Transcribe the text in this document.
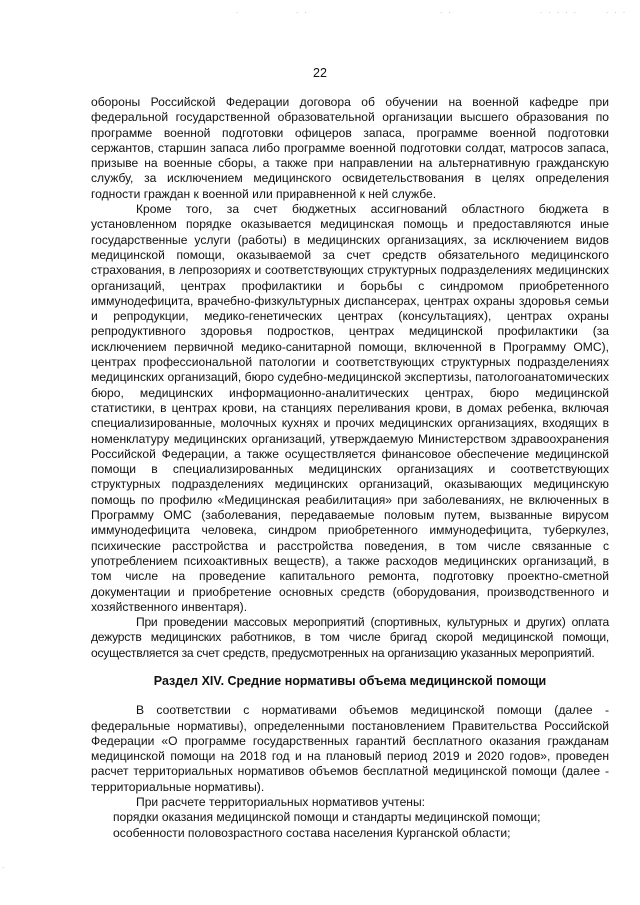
.	. .	. .	. . . . .	. . .
.
22

обороны Российской Федерации договора об обучении на военной кафедре при федеральной государственной образовательной организации высшего образования по программе военной подготовки офицеров запаса, программе военной подготовки сержантов, старшин запаса либо программе военной подготовки солдат, матросов запаса, призыве на военные сборы, а также при направлении на альтернативную гражданскую службу, за исключением медицинского освидетельствования в целях определения годности граждан к военной или приравненной к ней службе.

Кроме того, за счет бюджетных ассигнований областного бюджета в установленном порядке оказывается медицинская помощь и предоставляются иные государственные услуги (работы) в медицинских организациях, за исключением видов медицинской помощи, оказываемой за счет средств обязательного медицинского страхования, в лепрозориях и соответствующих структурных подразделениях медицинских организаций, центрах профилактики и борьбы с синдромом приобретенного иммунодефицита, врачебно-физкультурных диспансерах, центрах охраны здоровья семьи и репродукции, медико-генетических центрах (консультациях), центрах охраны репродуктивного здоровья подростков, центрах медицинской профилактики (за исключением первичной медико-санитарной помощи, включенной в Программу ОМС), центрах профессиональной патологии и соответствующих структурных подразделениях медицинских организаций, бюро судебно-медицинской экспертизы, патологоанатомических бюро, медицинских информационно-аналитических центрах, бюро медицинской статистики, в центрах крови, на станциях переливания крови, в домах ребенка, включая специализированные, молочных кухнях и прочих медицинских организациях, входящих в номенклатуру медицинских организаций, утверждаемую Министерством здравоохранения Российской Федерации, а также осуществляется финансовое обеспечение медицинской помощи в специализированных медицинских организациях и соответствующих структурных подразделениях медицинских организаций, оказывающих медицинскую помощь по профилю «Медицинская реабилитация» при заболеваниях, не включенных в Программу ОМС (заболевания, передаваемые половым путем, вызванные вирусом иммунодефицита человека, синдром приобретенного иммунодефицита, туберкулез, психические расстройства и расстройства поведения, в том числе связанные с употреблением психоактивных веществ), а также расходов медицинских организаций, в том числе на проведение капитального ремонта, подготовку проектно-сметной документации и приобретение основных средств (оборудования, производственного и хозяйственного инвентаря).

При проведении массовых мероприятий (спортивных, культурных и других) оплата дежурств медицинских работников, в том числе бригад скорой медицинской помощи, осуществляется за счет средств, предусмотренных на организацию указанных мероприятий.

Раздел XIV. Средние нормативы объема медицинской помощи

В соответствии с нормативами объемов медицинской помощи (далее - федеральные нормативы), определенными постановлением Правительства Российской Федерации «О программе государственных гарантий бесплатного оказания гражданам медицинской помощи на 2018 год и на плановый период 2019 и 2020 годов», проведен расчет территориальных нормативов объемов бесплатной медицинской помощи (далее - территориальные нормативы).

При расчете территориальных нормативов учтены:

порядки оказания медицинской помощи и стандарты медицинской помощи;

особенности половозрастного состава населения Курганской области;
